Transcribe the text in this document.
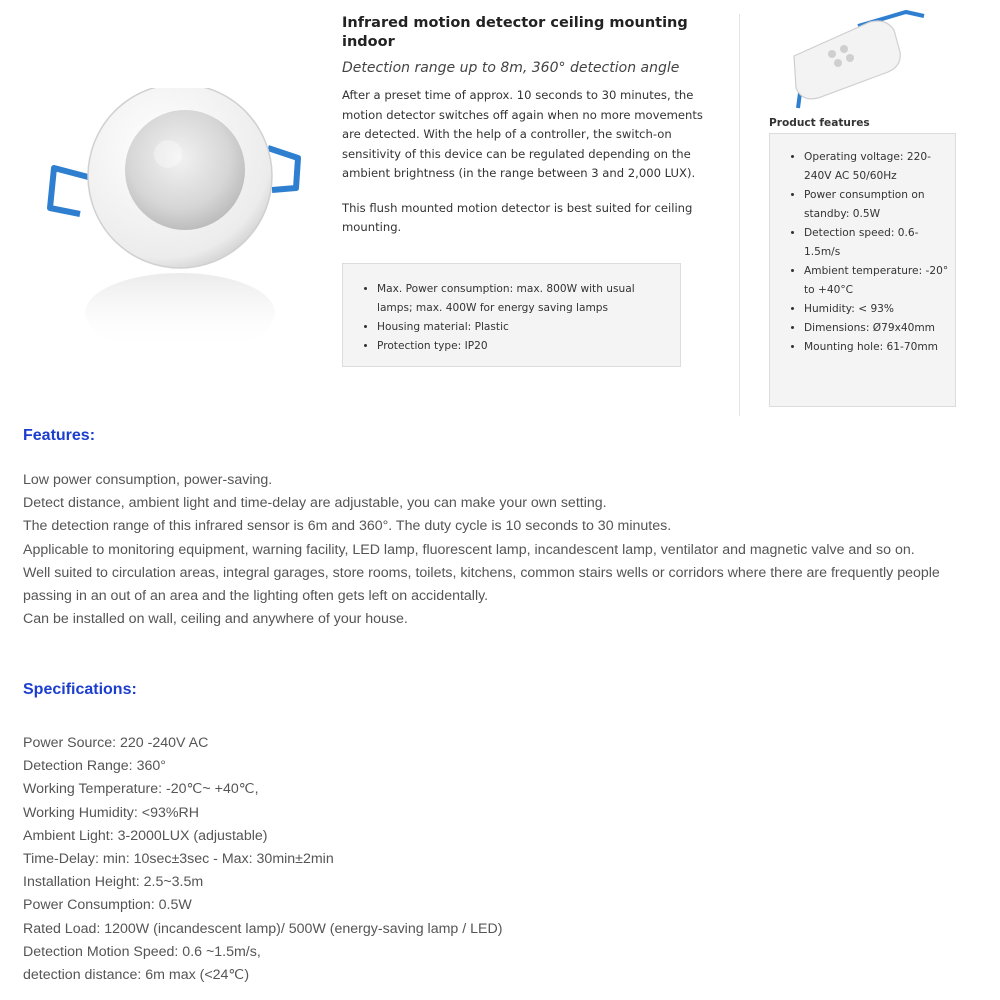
Infrared motion detector ceiling mounting indoor
Detection range up to 8m, 360° detection angle

After a preset time of approx. 10 seconds to 30 minutes, the motion detector switches off again when no more movements are detected. With the help of a controller, the switch-on sensitivity of this device can be regulated depending on the ambient brightness (in the range between 3 and 2,000 LUX).

This flush mounted motion detector is best suited for ceiling mounting.

• Max. Power consumption: max. 800W with usual lamps; max. 400W for energy saving lamps
• Housing material: Plastic
• Protection type: IP20
Product features
• Operating voltage: 220-240V AC 50/60Hz
• Power consumption on standby: 0.5W
• Detection speed: 0.6-1.5m/s
• Ambient temperature: -20° to +40°C
• Humidity: < 93%
• Dimensions: Ø79x40mm
• Mounting hole: 61-70mm
Features:
Low power consumption, power-saving.
Detect distance, ambient light and time-delay are adjustable, you can make your own setting.
The detection range of this infrared sensor is 6m and 360°. The duty cycle is 10 seconds to 30 minutes.
Applicable to monitoring equipment, warning facility, LED lamp, fluorescent lamp, incandescent lamp, ventilator and magnetic valve and so on.
Well suited to circulation areas, integral garages, store rooms, toilets, kitchens, common stairs wells or corridors where there are frequently people passing in an out of an area and the lighting often gets left on accidentally.
Can be installed on wall, ceiling and anywhere of your house.
Specifications:
Power Source: 220 -240V AC
Detection Range: 360°
Working Temperature: -20℃~ +40℃,
Working Humidity: <93%RH
Ambient Light: 3-2000LUX (adjustable)
Time-Delay: min: 10sec±3sec - Max: 30min±2min
Installation Height: 2.5~3.5m
Power Consumption: 0.5W
Rated Load: 1200W (incandescent lamp)/ 500W (energy-saving lamp / LED)
Detection Motion Speed: 0.6 ~1.5m/s,
detection distance: 6m max (<24℃)
